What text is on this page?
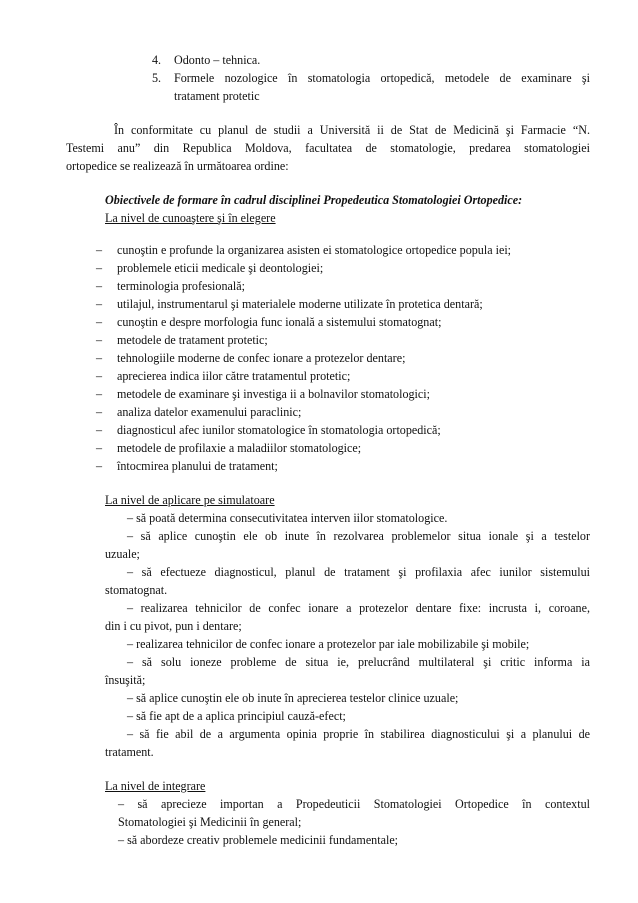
4. Odonto – tehnica.
5. Formele nozologice în stomatologia ortopedică, metodele de examinare şi
tratament protetic
În conformitate cu planul de studii a Universită ii de Stat de Medicină şi Farmacie “N.
Testemi anu” din Republica Moldova, facultatea de stomatologie, predarea stomatologiei
ortopedice se realizează în următoarea ordine:
Obiectivele de formare în cadrul disciplinei Propedeutica Stomatologiei Ortopedice:
La nivel de cunoaştere şi în elegere
– cunoştin e profunde la organizarea asisten ei stomatologice ortopedice popula iei;
– problemele eticii medicale şi deontologiei;
– terminologia profesională;
– utilajul, instrumentarul şi materialele moderne utilizate în protetica dentară;
– cunoştin e despre morfologia func ională a sistemului stomatognat;
– metodele de tratament protetic;
– tehnologiile moderne de confec ionare a protezelor dentare;
– aprecierea indica iilor către tratamentul protetic;
– metodele de examinare şi investiga ii a bolnavilor stomatologici;
– analiza datelor examenului paraclinic;
– diagnosticul afec iunilor stomatologice în stomatologia ortopedică;
– metodele de profilaxie a maladiilor stomatologice;
– întocmirea planului de tratament;
La nivel de aplicare pe simulatoare
– să poată determina consecutivitatea interven iilor stomatologice.
– să aplice cunoştin ele ob inute în rezolvarea problemelor situa ionale şi a testelor
uzuale;
– să efectueze diagnosticul, planul de tratament şi profilaxia afec iunilor sistemului
stomatognat.
– realizarea tehnicilor de confec ionare a protezelor dentare fixe: incrusta i, coroane,
din i cu pivot, pun i dentare;
– realizarea tehnicilor de confec ionare a protezelor par iale mobilizabile şi mobile;
– să solu ioneze probleme de situa ie, prelucrând multilateral şi critic informa ia
însuşită;
– să aplice cunoştin ele ob inute în aprecierea testelor clinice uzuale;
– să fie apt de a aplica principiul cauză-efect;
– să fie abil de a argumenta opinia proprie în stabilirea diagnosticului şi a planului de
tratament.
La nivel de integrare
– să aprecieze importan a Propedeuticii Stomatologiei Ortopedice în contextul
Stomatologiei şi Medicinii în general;
– să abordeze creativ problemele medicinii fundamentale;
